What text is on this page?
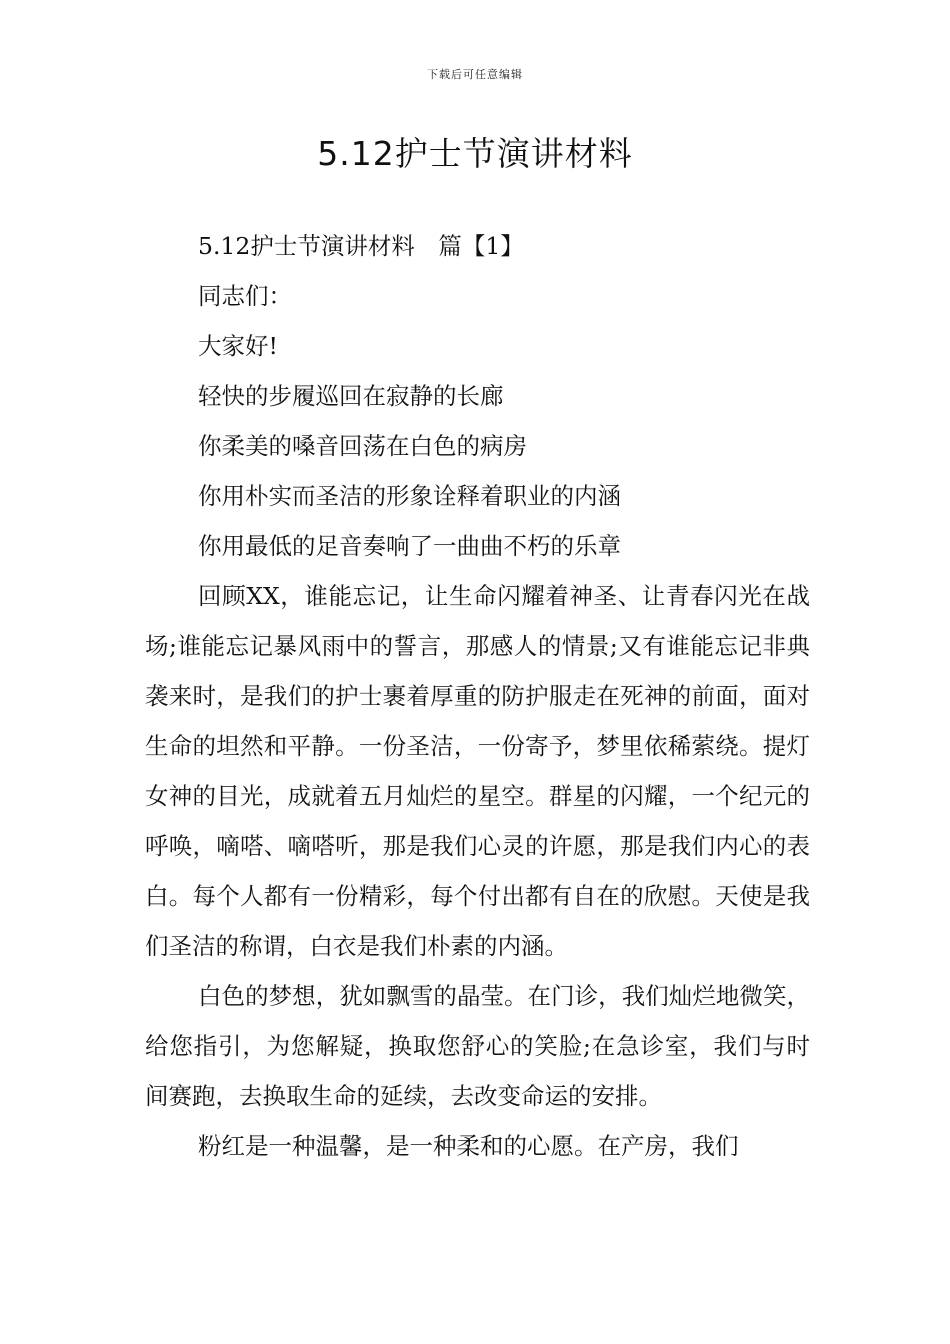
下载后可任意编辑
5.12护士节演讲材料
5.12护士节演讲材料　篇【1】
同志们：
大家好!
轻快的步履巡回在寂静的长廊
你柔美的嗓音回荡在白色的病房
你用朴实而圣洁的形象诠释着职业的内涵
你用最低的足音奏响了一曲曲不朽的乐章

回顾XX，谁能忘记，让生命闪耀着神圣、让青春闪光在战场;谁能忘记暴风雨中的誓言，那感人的情景;又有谁能忘记非典袭来时，是我们的护士裹着厚重的防护服走在死神的前面，面对生命的坦然和平静。一份圣洁，一份寄予，梦里依稀萦绕。提灯女神的目光，成就着五月灿烂的星空。群星的闪耀，一个纪元的呼唤，嘀嗒、嘀嗒听，那是我们心灵的许愿，那是我们内心的表白。每个人都有一份精彩，每个付出都有自在的欣慰。天使是我们圣洁的称谓，白衣是我们朴素的内涵。

白色的梦想，犹如飘雪的晶莹。在门诊，我们灿烂地微笑，给您指引，为您解疑，换取您舒心的笑脸;在急诊室，我们与时间赛跑，去换取生命的延续，去改变命运的安排。

粉红是一种温馨，是一种柔和的心愿。在产房，我们
